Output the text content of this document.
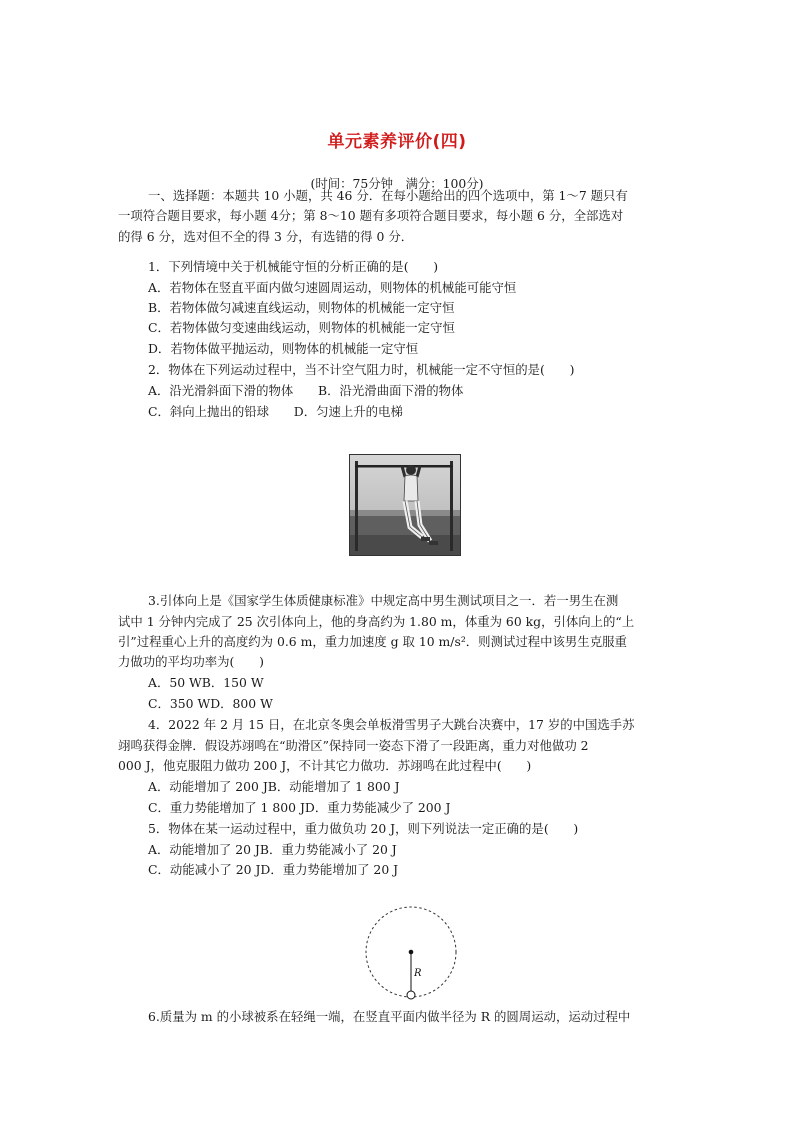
单元素养评价(四)
(时间：75分钟　满分：100分)
一、选择题：本题共 10 小题，共 46 分．在每小题给出的四个选项中，第 1～7 题只有
一项符合题目要求，每小题 4分；第 8～10 题有多项符合题目要求，每小题 6 分，全部选对
的得 6 分，选对但不全的得 3 分，有选错的得 0 分．
1．下列情境中关于机械能守恒的分析正确的是(　　)
A．若物体在竖直平面内做匀速圆周运动，则物体的机械能可能守恒
B．若物体做匀减速直线运动，则物体的机械能一定守恒
C．若物体做匀变速曲线运动，则物体的机械能一定守恒
D．若物体做平抛运动，则物体的机械能一定守恒
2．物体在下列运动过程中，当不计空气阻力时，机械能一定不守恒的是(　　)
A．沿光滑斜面下滑的物体　　B．沿光滑曲面下滑的物体
C．斜向上抛出的铅球　　D．匀速上升的电梯
3.引体向上是《国家学生体质健康标准》中规定高中男生测试项目之一．若一男生在测
试中 1 分钟内完成了 25 次引体向上，他的身高约为 1.80 m，体重为 60 kg，引体向上的“上
引”过程重心上升的高度约为 0.6 m，重力加速度 g 取 10 m/s²．则测试过程中该男生克服重
力做功的平均功率为(　　)
A．50 WB．150 W
C．350 WD．800 W
4．2022 年 2 月 15 日，在北京冬奥会单板滑雪男子大跳台决赛中，17 岁的中国选手苏
翊鸣获得金牌．假设苏翊鸣在“助滑区”保持同一姿态下滑了一段距离，重力对他做功 2
000 J，他克服阻力做功 200 J，不计其它力做功．苏翊鸣在此过程中(　　)
A．动能增加了 200 JB．动能增加了 1 800 J
C．重力势能增加了 1 800 JD．重力势能减少了 200 J
5．物体在某一运动过程中，重力做负功 20 J，则下列说法一定正确的是(　　)
A．动能增加了 20 JB．重力势能减小了 20 J
C．动能减小了 20 JD．重力势能增加了 20 J
R
6.质量为 m 的小球被系在轻绳一端，在竖直平面内做半径为 R 的圆周运动，运动过程中
